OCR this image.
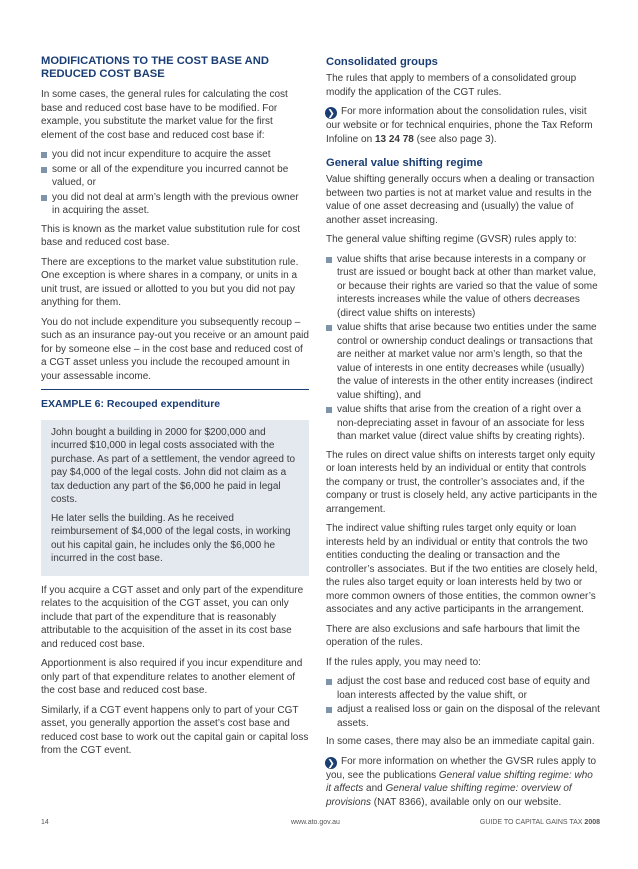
MODIFICATIONS TO THE COST BASE AND REDUCED COST BASE

In some cases, the general rules for calculating the cost base and reduced cost base have to be modified. For example, you substitute the market value for the first element of the cost base and reduced cost base if:

you did not incur expenditure to acquire the asset
some or all of the expenditure you incurred cannot be valued, or
you did not deal at arm’s length with the previous owner in acquiring the asset.

This is known as the market value substitution rule for cost base and reduced cost base.

There are exceptions to the market value substitution rule. One exception is where shares in a company, or units in a unit trust, are issued or allotted to you but you did not pay anything for them.

You do not include expenditure you subsequently recoup – such as an insurance pay-out you receive or an amount paid for by someone else – in the cost base and reduced cost of a CGT asset unless you include the recouped amount in your assessable income.

EXAMPLE 6: Recouped expenditure

John bought a building in 2000 for $200,000 and incurred $10,000 in legal costs associated with the purchase. As part of a settlement, the vendor agreed to pay $4,000 of the legal costs. John did not claim as a tax deduction any part of the $6,000 he paid in legal costs.

He later sells the building. As he received reimbursement of $4,000 of the legal costs, in working out his capital gain, he includes only the $6,000 he incurred in the cost base.

If you acquire a CGT asset and only part of the expenditure relates to the acquisition of the CGT asset, you can only include that part of the expenditure that is reasonably attributable to the acquisition of the asset in its cost base and reduced cost base.

Apportionment is also required if you incur expenditure and only part of that expenditure relates to another element of the cost base and reduced cost base.

Similarly, if a CGT event happens only to part of your CGT asset, you generally apportion the asset’s cost base and reduced cost base to work out the capital gain or capital loss from the CGT event.

Consolidated groups

The rules that apply to members of a consolidated group modify the application of the CGT rules.

❯ For more information about the consolidation rules, visit our website or for technical enquiries, phone the Tax Reform Infoline on 13 24 78 (see also page 3).

General value shifting regime

Value shifting generally occurs when a dealing or transaction between two parties is not at market value and results in the value of one asset decreasing and (usually) the value of another asset increasing.

The general value shifting regime (GVSR) rules apply to:

value shifts that arise because interests in a company or trust are issued or bought back at other than market value, or because their rights are varied so that the value of some interests increases while the value of others decreases (direct value shifts on interests)
value shifts that arise because two entities under the same control or ownership conduct dealings or transactions that are neither at market value nor arm’s length, so that the value of interests in one entity decreases while (usually) the value of interests in the other entity increases (indirect value shifting), and
value shifts that arise from the creation of a right over a non-depreciating asset in favour of an associate for less than market value (direct value shifts by creating rights).

The rules on direct value shifts on interests target only equity or loan interests held by an individual or entity that controls the company or trust, the controller’s associates and, if the company or trust is closely held, any active participants in the arrangement.

The indirect value shifting rules target only equity or loan interests held by an individual or entity that controls the two entities conducting the dealing or transaction and the controller’s associates. But if the two entities are closely held, the rules also target equity or loan interests held by two or more common owners of those entities, the common owner’s associates and any active participants in the arrangement.

There are also exclusions and safe harbours that limit the operation of the rules.

If the rules apply, you may need to:

adjust the cost base and reduced cost base of equity and loan interests affected by the value shift, or
adjust a realised loss or gain on the disposal of the relevant assets.

In some cases, there may also be an immediate capital gain.

❯ For more information on whether the GVSR rules apply to you, see the publications General value shifting regime: who it affects and General value shifting regime: overview of provisions (NAT 8366), available only on our website.

14	www.ato.gov.au	GUIDE TO CAPITAL GAINS TAX 2008
